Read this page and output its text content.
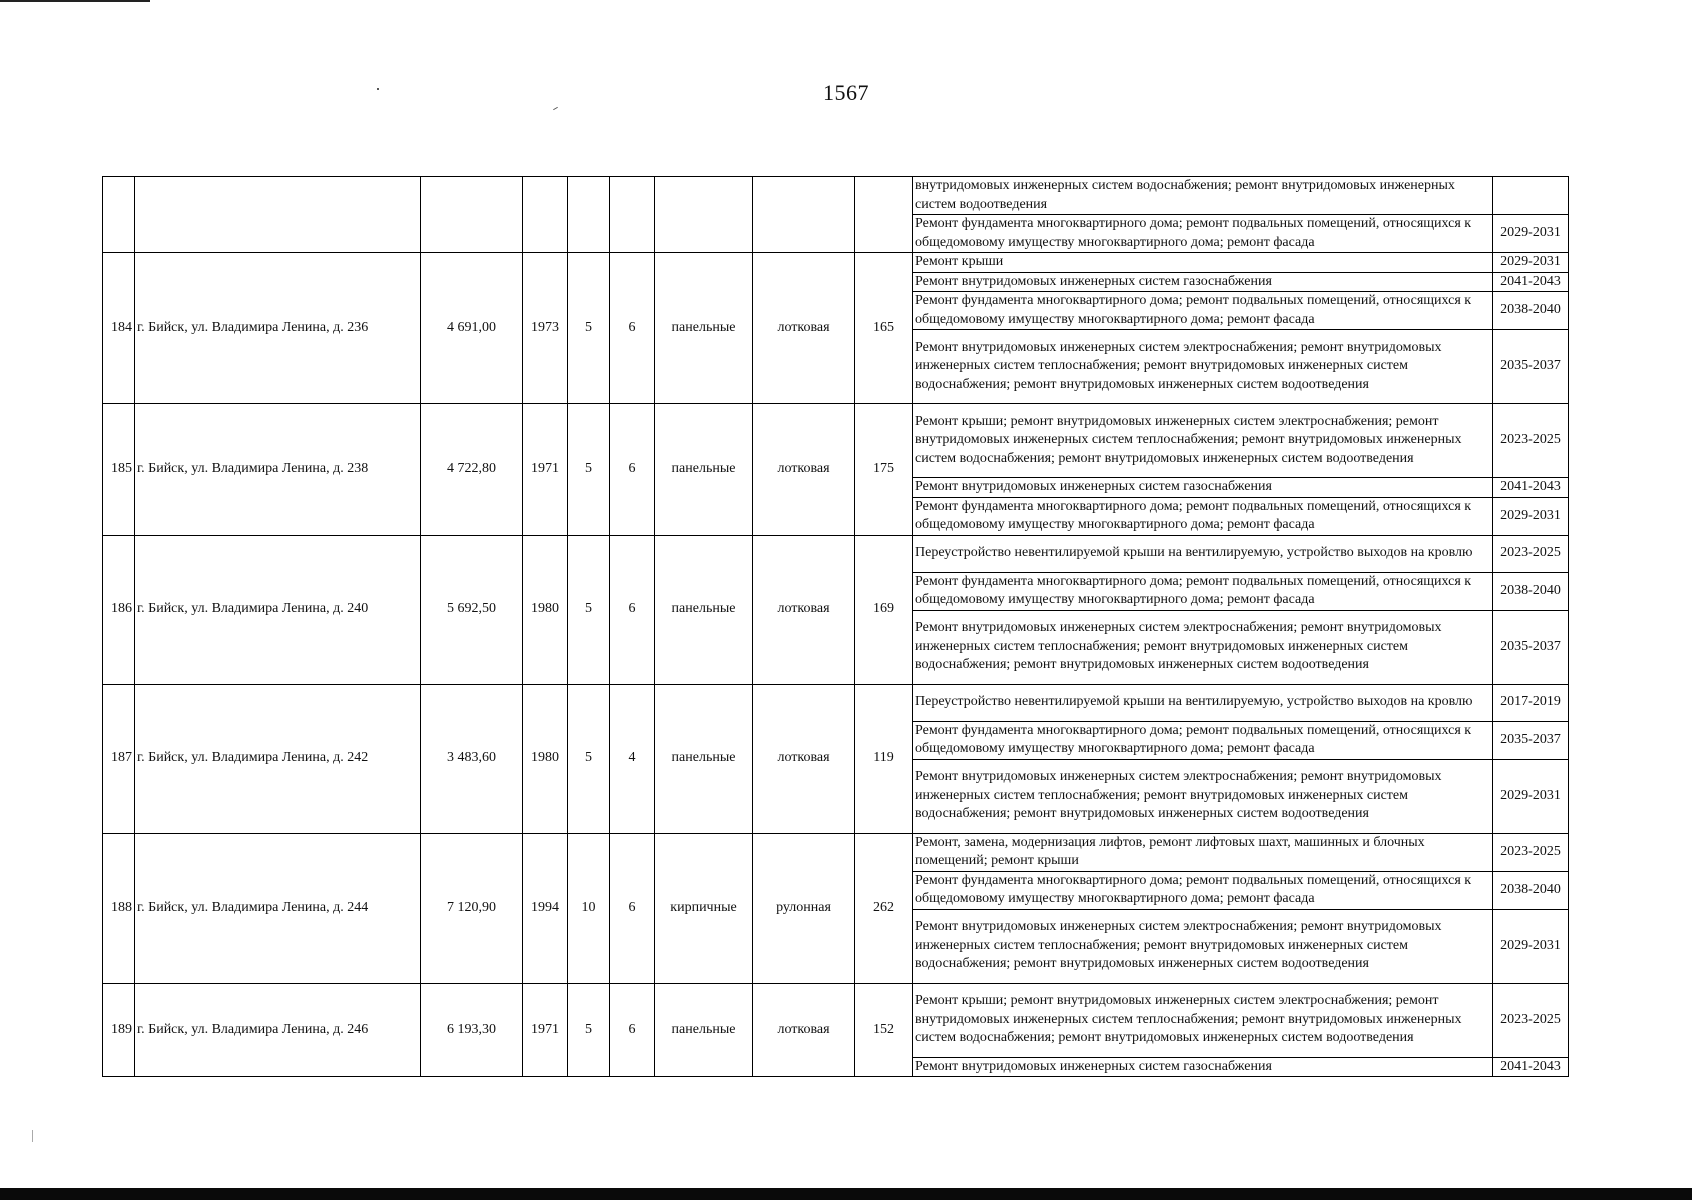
1567
									внутридомовых инженерных систем водоснабжения; ремонт внутридомовых инженерных систем водоотведения	
									Ремонт фундамента многоквартирного дома; ремонт подвальных помещений, относящихся к общедомовому имуществу многоквартирного дома; ремонт фасада	2029-2031
184	г. Бийск, ул. Владимира Ленина, д. 236	4 691,00	1973	5	6	панельные	лотковая	165	Ремонт крыши	2029-2031
									Ремонт внутридомовых инженерных систем газоснабжения	2041-2043
									Ремонт фундамента многоквартирного дома; ремонт подвальных помещений, относящихся к общедомовому имуществу многоквартирного дома; ремонт фасада	2038-2040
									Ремонт внутридомовых инженерных систем электроснабжения; ремонт внутридомовых инженерных систем теплоснабжения; ремонт внутридомовых инженерных систем водоснабжения; ремонт внутридомовых инженерных систем водоотведения	2035-2037
185	г. Бийск, ул. Владимира Ленина, д. 238	4 722,80	1971	5	6	панельные	лотковая	175	Ремонт крыши; ремонт внутридомовых инженерных систем электроснабжения; ремонт внутридомовых инженерных систем теплоснабжения; ремонт внутридомовых инженерных систем водоснабжения; ремонт внутридомовых инженерных систем водоотведения	2023-2025
									Ремонт внутридомовых инженерных систем газоснабжения	2041-2043
									Ремонт фундамента многоквартирного дома; ремонт подвальных помещений, относящихся к общедомовому имуществу многоквартирного дома; ремонт фасада	2029-2031
186	г. Бийск, ул. Владимира Ленина, д. 240	5 692,50	1980	5	6	панельные	лотковая	169	Переустройство невентилируемой крыши на вентилируемую, устройство выходов на кровлю	2023-2025
									Ремонт фундамента многоквартирного дома; ремонт подвальных помещений, относящихся к общедомовому имуществу многоквартирного дома; ремонт фасада	2038-2040
									Ремонт внутридомовых инженерных систем электроснабжения; ремонт внутридомовых инженерных систем теплоснабжения; ремонт внутридомовых инженерных систем водоснабжения; ремонт внутридомовых инженерных систем водоотведения	2035-2037
187	г. Бийск, ул. Владимира Ленина, д. 242	3 483,60	1980	5	4	панельные	лотковая	119	Переустройство невентилируемой крыши на вентилируемую, устройство выходов на кровлю	2017-2019
									Ремонт фундамента многоквартирного дома; ремонт подвальных помещений, относящихся к общедомовому имуществу многоквартирного дома; ремонт фасада	2035-2037
									Ремонт внутридомовых инженерных систем электроснабжения; ремонт внутридомовых инженерных систем теплоснабжения; ремонт внутридомовых инженерных систем водоснабжения; ремонт внутридомовых инженерных систем водоотведения	2029-2031
188	г. Бийск, ул. Владимира Ленина, д. 244	7 120,90	1994	10	6	кирпичные	рулонная	262	Ремонт, замена, модернизация лифтов, ремонт лифтовых шахт, машинных и блочных помещений; ремонт крыши	2023-2025
									Ремонт фундамента многоквартирного дома; ремонт подвальных помещений, относящихся к общедомовому имуществу многоквартирного дома; ремонт фасада	2038-2040
									Ремонт внутридомовых инженерных систем электроснабжения; ремонт внутридомовых инженерных систем теплоснабжения; ремонт внутридомовых инженерных систем водоснабжения; ремонт внутридомовых инженерных систем водоотведения	2029-2031
189	г. Бийск, ул. Владимира Ленина, д. 246	6 193,30	1971	5	6	панельные	лотковая	152	Ремонт крыши; ремонт внутридомовых инженерных систем электроснабжения; ремонт внутридомовых инженерных систем теплоснабжения; ремонт внутридомовых инженерных систем водоснабжения; ремонт внутридомовых инженерных систем водоотведения	2023-2025
									Ремонт внутридомовых инженерных систем газоснабжения	2041-2043
